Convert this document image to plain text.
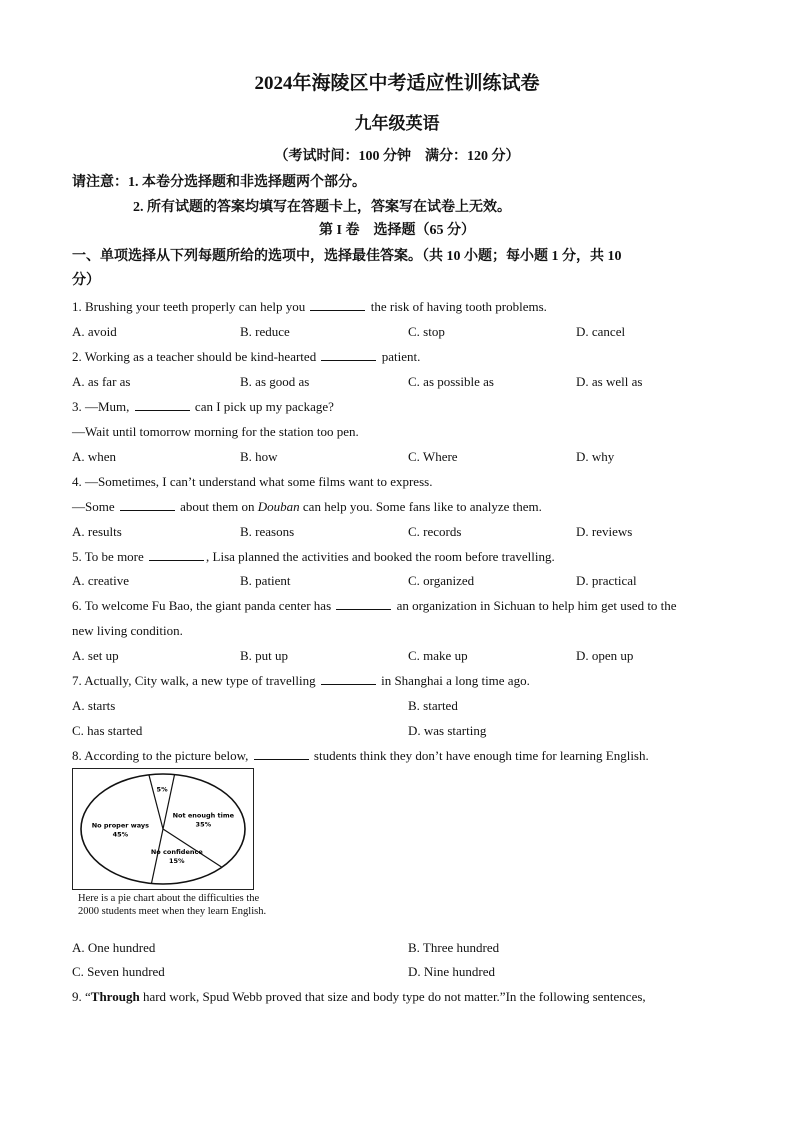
2024年海陵区中考适应性训练试卷
九年级英语
（考试时间：100 分钟　满分：120 分）
请注意：1. 本卷分选择题和非选择题两个部分。
2. 所有试题的答案均填写在答题卡上，答案写在试卷上无效。
第 I 卷　选择题（65 分）
一、单项选择从下列每题所给的选项中，选择最佳答案。（共 10 小题；每小题 1 分，共 10
分）
1. Brushing your teeth properly can help you	the risk of having tooth problems.
A. avoid	B. reduce	C. stop	D. cancel
2. Working as a teacher should be kind-hearted	patient.
A. as far as	B. as good as	C. as possible as	D. as well as
3. —Mum,	can I pick up my package?
—Wait until tomorrow morning for the station too pen.
A. when	B. how	C. Where	D. why
4. —Sometimes, I can’t understand what some films want to express.
—Some	about them on Douban can help you. Some fans like to analyze them.
A. results	B. reasons	C. records	D. reviews
5. To be more	, Lisa planned the activities and booked the room before travelling.
A. creative	B. patient	C. organized	D. practical
6. To welcome Fu Bao, the giant panda center has	an organization in Sichuan to help him get used to the
new living condition.
A. set up	B. put up	C. make up	D. open up
7. Actually, City walk, a new type of travelling	in Shanghai a long time ago.
A. starts	B. started
C. has started	D. was starting
8. According to the picture below,	students think they don’t have enough time for learning English.
5%
Not enough time 35%
No confidence 15%
No proper ways 45%
Here is a pie chart about the difficulties the 2000 students meet when they learn English.
A. One hundred	B. Three hundred
C. Seven hundred	D. Nine hundred
9. “Through hard work, Spud Webb proved that size and body type do not matter.”In the following sentences,
